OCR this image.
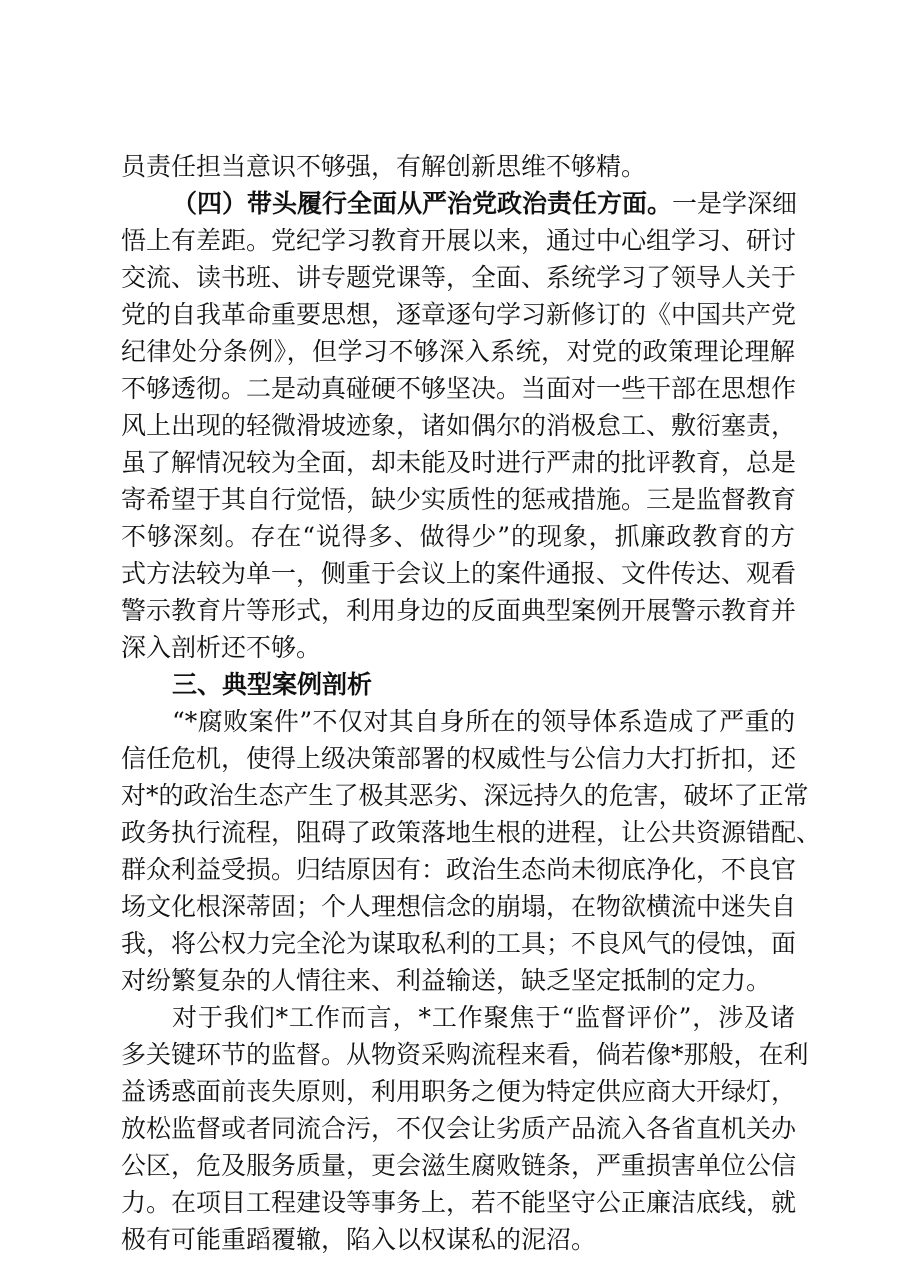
员责任担当意识不够强，有解创新思维不够精。
（四）带头履行全面从严治党政治责任方面。 一是学深细
悟上有差距。党纪学习教育开展以来，通过中心组学习、研讨
交流、读书班、讲专题党课等，全面、系统学习了领导人关于
党的自我革命重要思想，逐章逐句学习新修订的《中国共产党
纪律处分条例》，但学习不够深入系统，对党的政策理论理解
不够透彻。二是动真碰硬不够坚决。当面对一些干部在思想作
风上出现的轻微滑坡迹象，诸如偶尔的消极怠工、敷衍塞责，
虽了解情况较为全面，却未能及时进行严肃的批评教育，总是
寄希望于其自行觉悟，缺少实质性的惩戒措施。三是监督教育
不够深刻。存在“说得多、做得少”的现象，抓廉政教育的方
式方法较为单一，侧重于会议上的案件通报、文件传达、观看
警示教育片等形式，利用身边的反面典型案例开展警示教育并
深入剖析还不够。
三、典型案例剖析
“*腐败案件”不仅对其自身所在的领导体系造成了严重的
信任危机，使得上级决策部署的权威性与公信力大打折扣，还
对*的政治生态产生了极其恶劣、深远持久的危害，破坏了正常
政务执行流程，阻碍了政策落地生根的进程，让公共资源错配、
群众利益受损。归结原因有：政治生态尚未彻底净化，不良官
场文化根深蒂固；个人理想信念的崩塌，在物欲横流中迷失自
我，将公权力完全沦为谋取私利的工具；不良风气的侵蚀，面
对纷繁复杂的人情往来、利益输送，缺乏坚定抵制的定力。
对于我们*工作而言，*工作聚焦于“监督评价”，涉及诸
多关键环节的监督。从物资采购流程来看，倘若像*那般，在利
益诱惑面前丧失原则，利用职务之便为特定供应商大开绿灯，
放松监督或者同流合污，不仅会让劣质产品流入各省直机关办
公区，危及服务质量，更会滋生腐败链条，严重损害单位公信
力。在项目工程建设等事务上，若不能坚守公正廉洁底线，就
极有可能重蹈覆辙，陷入以权谋私的泥沼。
